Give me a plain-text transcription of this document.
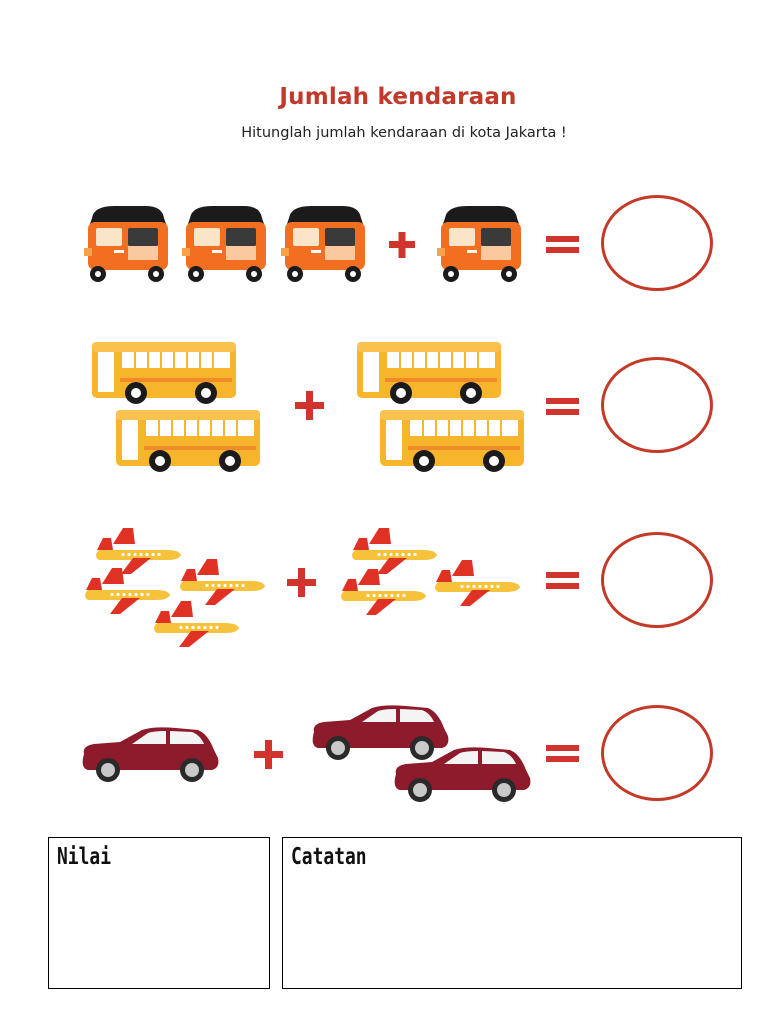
Jumlah kendaraan
Hitunglah jumlah kendaraan di kota Jakarta !
Nilai	Catatan
